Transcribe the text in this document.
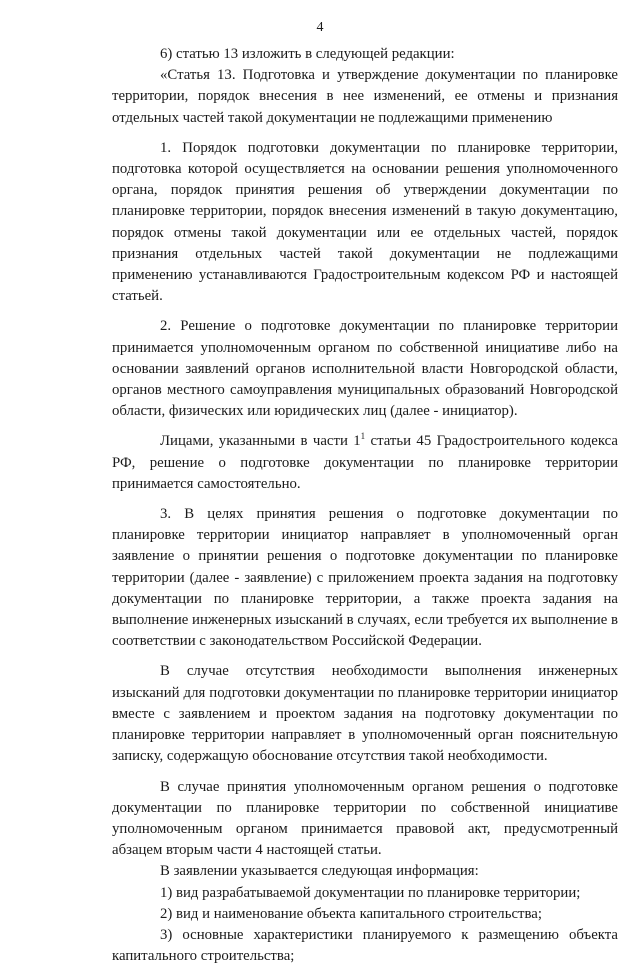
4

6) статью 13 изложить в следующей редакции:

«Статья 13. Подготовка и утверждение документации по планировке территории, порядок внесения в нее изменений, ее отмены и признания отдельных частей такой документации не подлежащими применению

1. Порядок подготовки документации по планировке территории, подготовка которой осуществляется на основании решения уполномоченного органа, порядок принятия решения об утверждении документации по планировке территории, порядок внесения изменений в такую документацию, порядок отмены такой документации или ее отдельных частей, порядок признания отдельных частей такой документации не подлежащими применению устанавливаются Градостроительным кодексом РФ и настоящей статьей.

2. Решение о подготовке документации по планировке территории принимается уполномоченным органом по собственной инициативе либо на основании заявлений органов исполнительной власти Новгородской области, органов местного самоуправления муниципальных образований Новгородской области, физических или юридических лиц (далее - инициатор).

Лицами, указанными в части $1^1$ статьи 45 Градостроительного кодекса РФ, решение о подготовке документации по планировке территории принимается самостоятельно.

3. В целях принятия решения о подготовке документации по планировке территории инициатор направляет в уполномоченный орган заявление о принятии решения о подготовке документации по планировке территории (далее - заявление) с приложением проекта задания на подготовку документации по планировке территории, а также проекта задания на выполнение инженерных изысканий в случаях, если требуется их выполнение в соответствии с законодательством Российской Федерации.

В случае отсутствия необходимости выполнения инженерных изысканий для подготовки документации по планировке территории инициатор вместе с заявлением и проектом задания на подготовку документации по планировке территории направляет в уполномоченный орган пояснительную записку, содержащую обоснование отсутствия такой необходимости.

В случае принятия уполномоченным органом решения о подготовке документации по планировке территории по собственной инициативе уполномоченным органом принимается правовой акт, предусмотренный абзацем вторым части 4 настоящей статьи.

В заявлении указывается следующая информация:

1) вид разрабатываемой документации по планировке территории;

2) вид и наименование объекта капитального строительства;

3) основные характеристики планируемого к размещению объекта капитального строительства;
